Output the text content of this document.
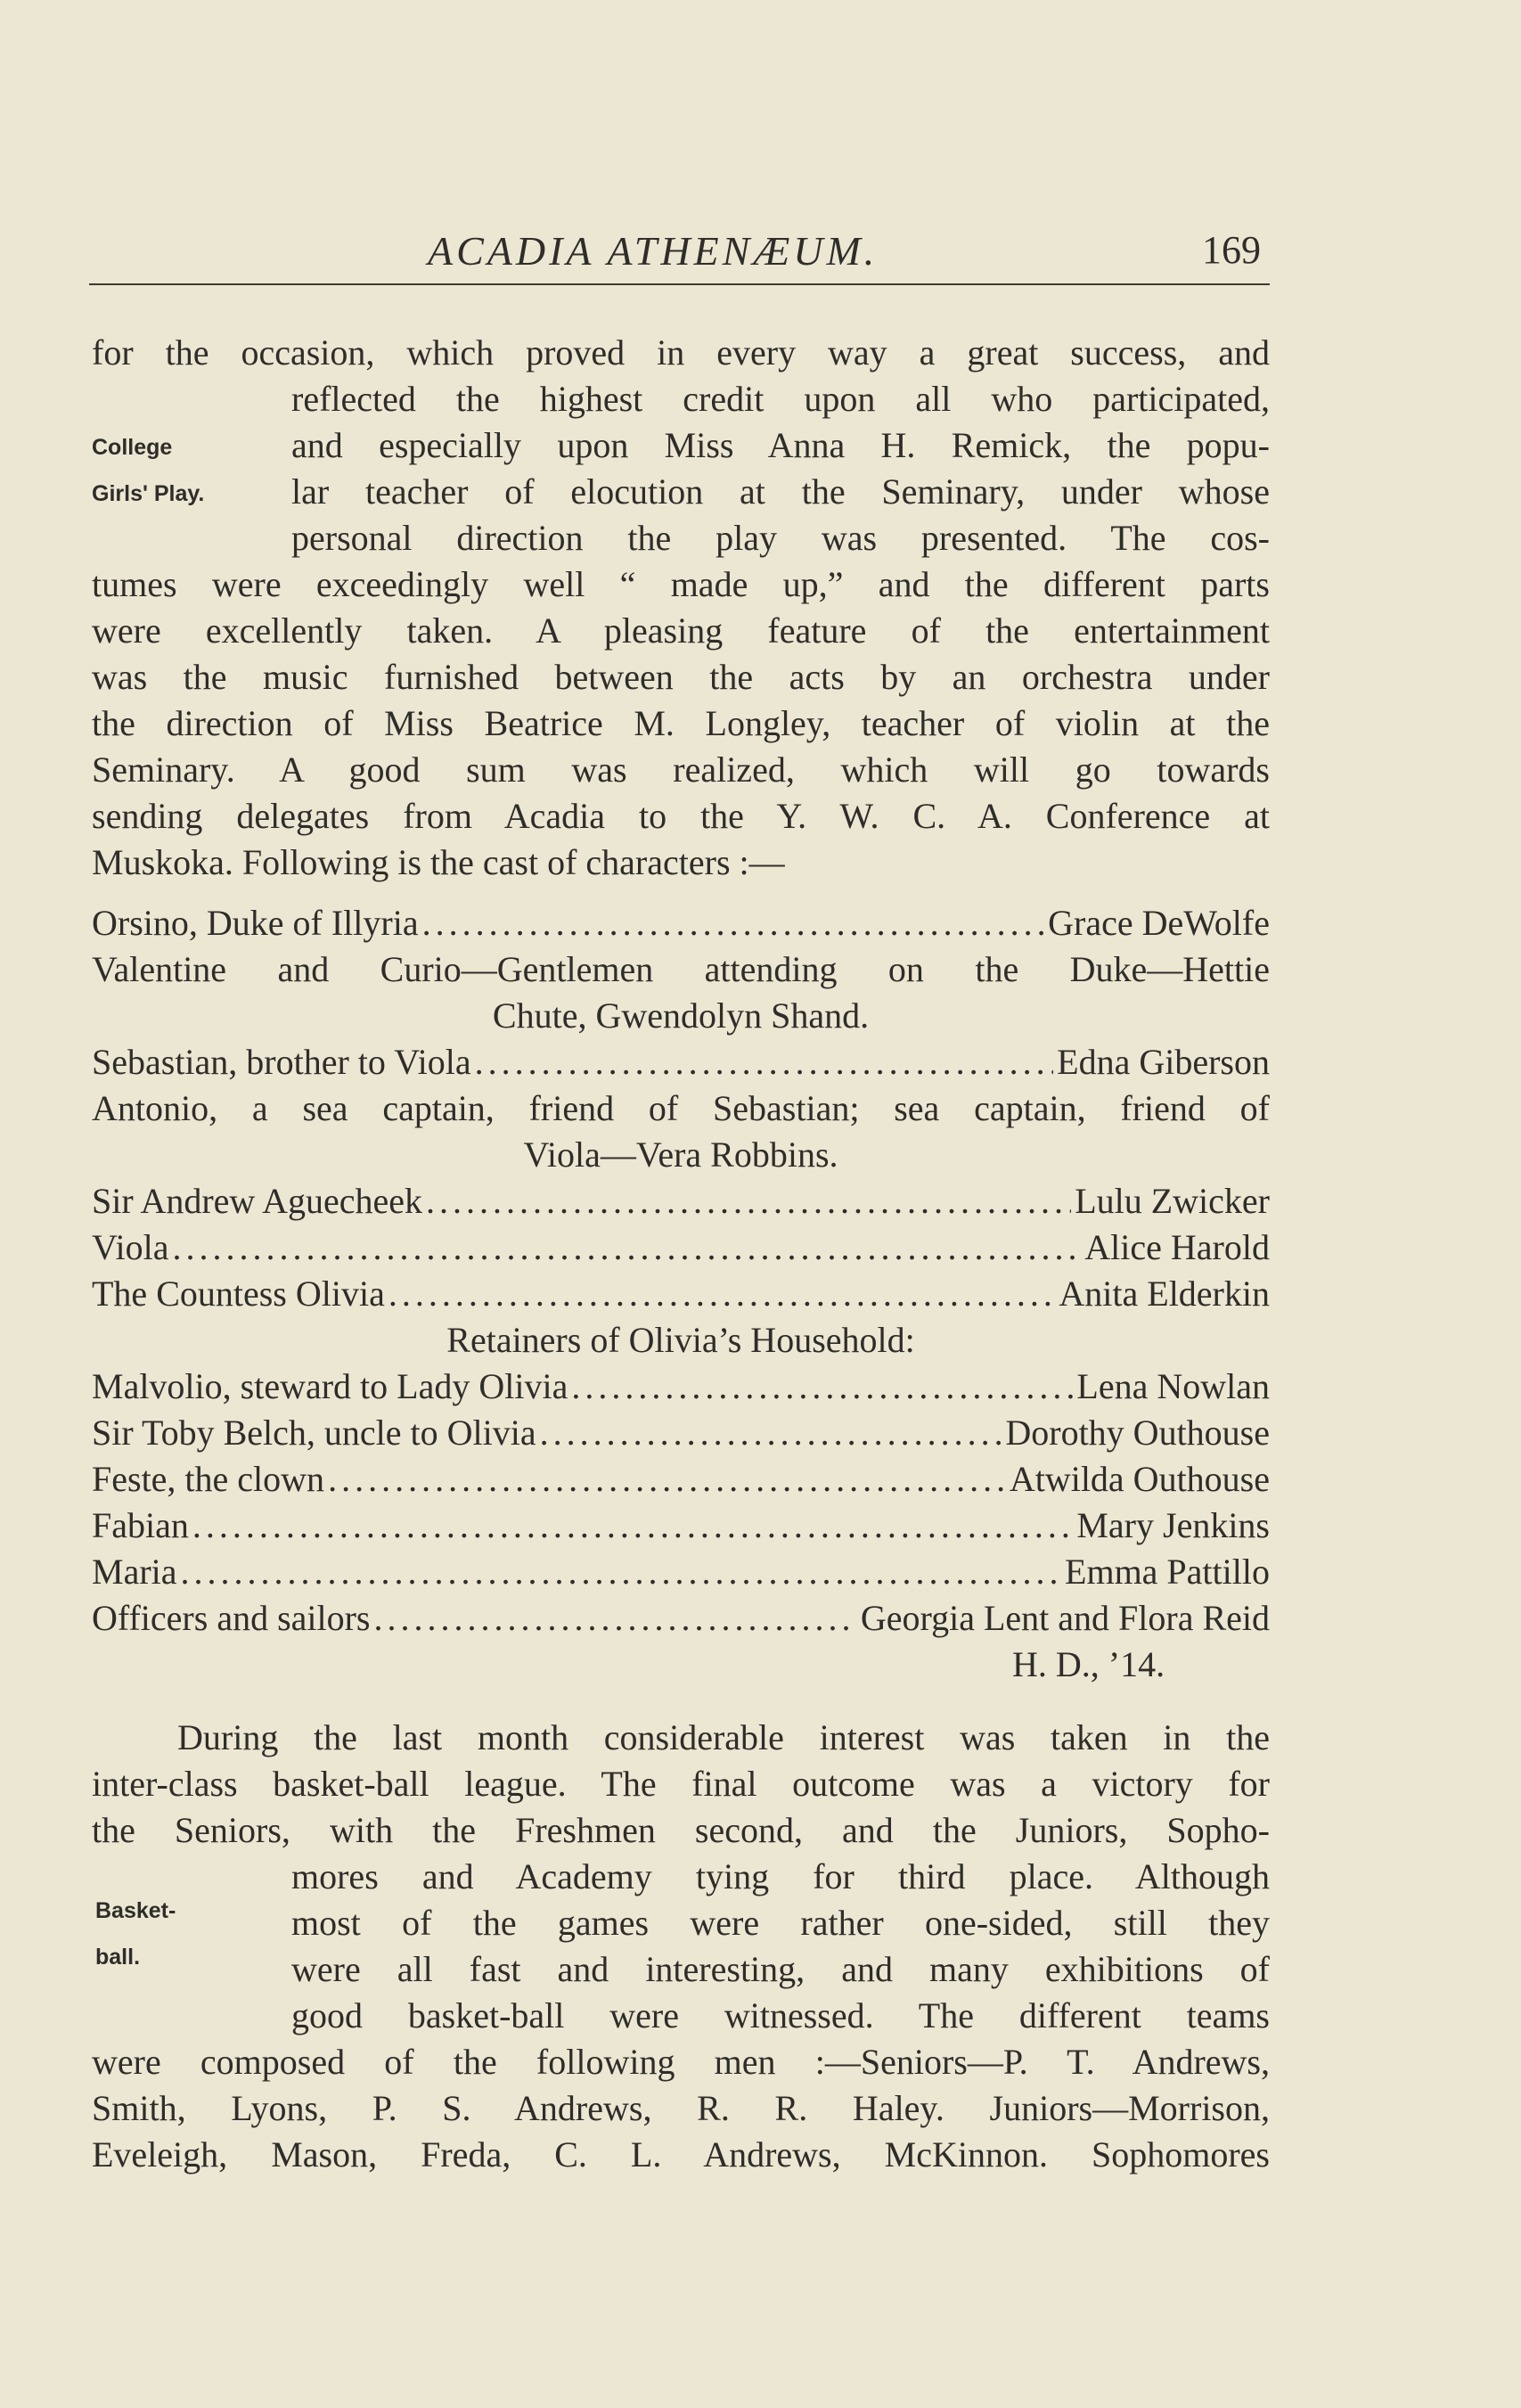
ACADIA ATHENÆUM.	169
College
Girls' Play.
Basket-
ball.
for the occasion, which proved in every way a great success, and
reflected the highest credit upon all who participated,
and especially upon Miss Anna H. Remick, the popu-
lar teacher of elocution at the Seminary, under whose
personal direction the play was presented. The cos-
tumes were exceedingly well “ made up,” and the different parts
were excellently taken. A pleasing feature of the entertainment
was the music furnished between the acts by an orchestra under
the direction of Miss Beatrice M. Longley, teacher of violin at the
Seminary. A good sum was realized, which will go towards
sending delegates from Acadia to the Y. W. C. A. Conference at
Muskoka. Following is the cast of characters :—
Orsino, Duke of Illyria .....	Grace DeWolfe
Valentine and Curio—Gentlemen attending on the Duke—Hettie
Chute, Gwendolyn Shand.
Sebastian, brother to Viola .....	Edna Giberson
Antonio, a sea captain, friend of Sebastian; sea captain, friend of
Viola—Vera Robbins.
Sir Andrew Aguecheek .....	Lulu Zwicker
Viola .....	Alice Harold
The Countess Olivia .....	Anita Elderkin
Retainers of Olivia’s Household:
Malvolio, steward to Lady Olivia .....	Lena Nowlan
Sir Toby Belch, uncle to Olivia .....	Dorothy Outhouse
Feste, the clown .....	Atwilda Outhouse
Fabian .....	Mary Jenkins
Maria .....	Emma Pattillo
Officers and sailors .....	Georgia Lent and Flora Reid
H. D., ’14.
During the last month considerable interest was taken in the
inter-class basket-ball league. The final outcome was a victory for
the Seniors, with the Freshmen second, and the Juniors, Sopho-
mores and Academy tying for third place. Although
most of the games were rather one-sided, still they
were all fast and interesting, and many exhibitions of
good basket-ball were witnessed. The different teams
were composed of the following men :—Seniors—P. T. Andrews,
Smith, Lyons, P. S. Andrews, R. R. Haley. Juniors—Morrison,
Eveleigh, Mason, Freda, C. L. Andrews, McKinnon. Sophomores
